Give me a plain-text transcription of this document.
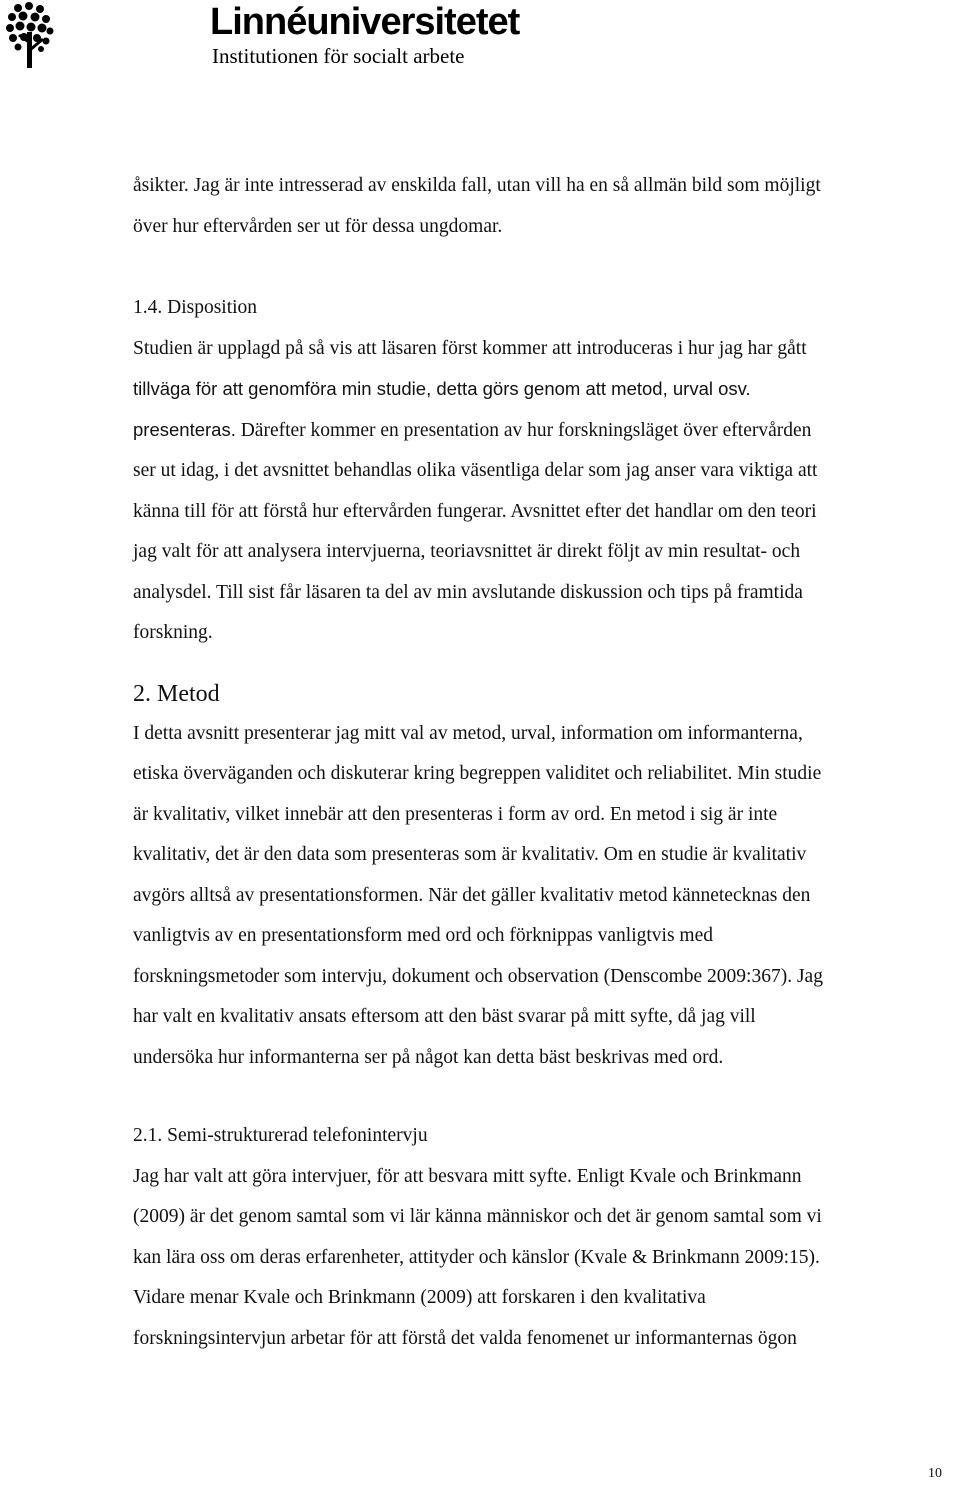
Linnéuniversitetet
Institutionen för socialt arbete
åsikter. Jag är inte intresserad av enskilda fall, utan vill ha en så allmän bild som möjligt
över hur eftervården ser ut för dessa ungdomar.
1.4. Disposition
Studien är upplagd på så vis att läsaren först kommer att introduceras i hur jag har gått
tillväga för att genomföra min studie, detta görs genom att metod, urval osv.
presenteras. Därefter kommer en presentation av hur forskningsläget över eftervården
ser ut idag, i det avsnittet behandlas olika väsentliga delar som jag anser vara viktiga att
känna till för att förstå hur eftervården fungerar. Avsnittet efter det handlar om den teori
jag valt för att analysera intervjuerna, teoriavsnittet är direkt följt av min resultat- och
analysdel. Till sist får läsaren ta del av min avslutande diskussion och tips på framtida
forskning.
2. Metod
I detta avsnitt presenterar jag mitt val av metod, urval, information om informanterna,
etiska överväganden och diskuterar kring begreppen validitet och reliabilitet. Min studie
är kvalitativ, vilket innebär att den presenteras i form av ord. En metod i sig är inte
kvalitativ, det är den data som presenteras som är kvalitativ. Om en studie är kvalitativ
avgörs alltså av presentationsformen. När det gäller kvalitativ metod kännetecknas den
vanligtvis av en presentationsform med ord och förknippas vanligtvis med
forskningsmetoder som intervju, dokument och observation (Denscombe 2009:367). Jag
har valt en kvalitativ ansats eftersom att den bäst svarar på mitt syfte, då jag vill
undersöka hur informanterna ser på något kan detta bäst beskrivas med ord.
2.1. Semi-strukturerad telefonintervju
Jag har valt att göra intervjuer, för att besvara mitt syfte. Enligt Kvale och Brinkmann
(2009) är det genom samtal som vi lär känna människor och det är genom samtal som vi
kan lära oss om deras erfarenheter, attityder och känslor (Kvale & Brinkmann 2009:15).
Vidare menar Kvale och Brinkmann (2009) att forskaren i den kvalitativa
forskningsintervjun arbetar för att förstå det valda fenomenet ur informanternas ögon
10
